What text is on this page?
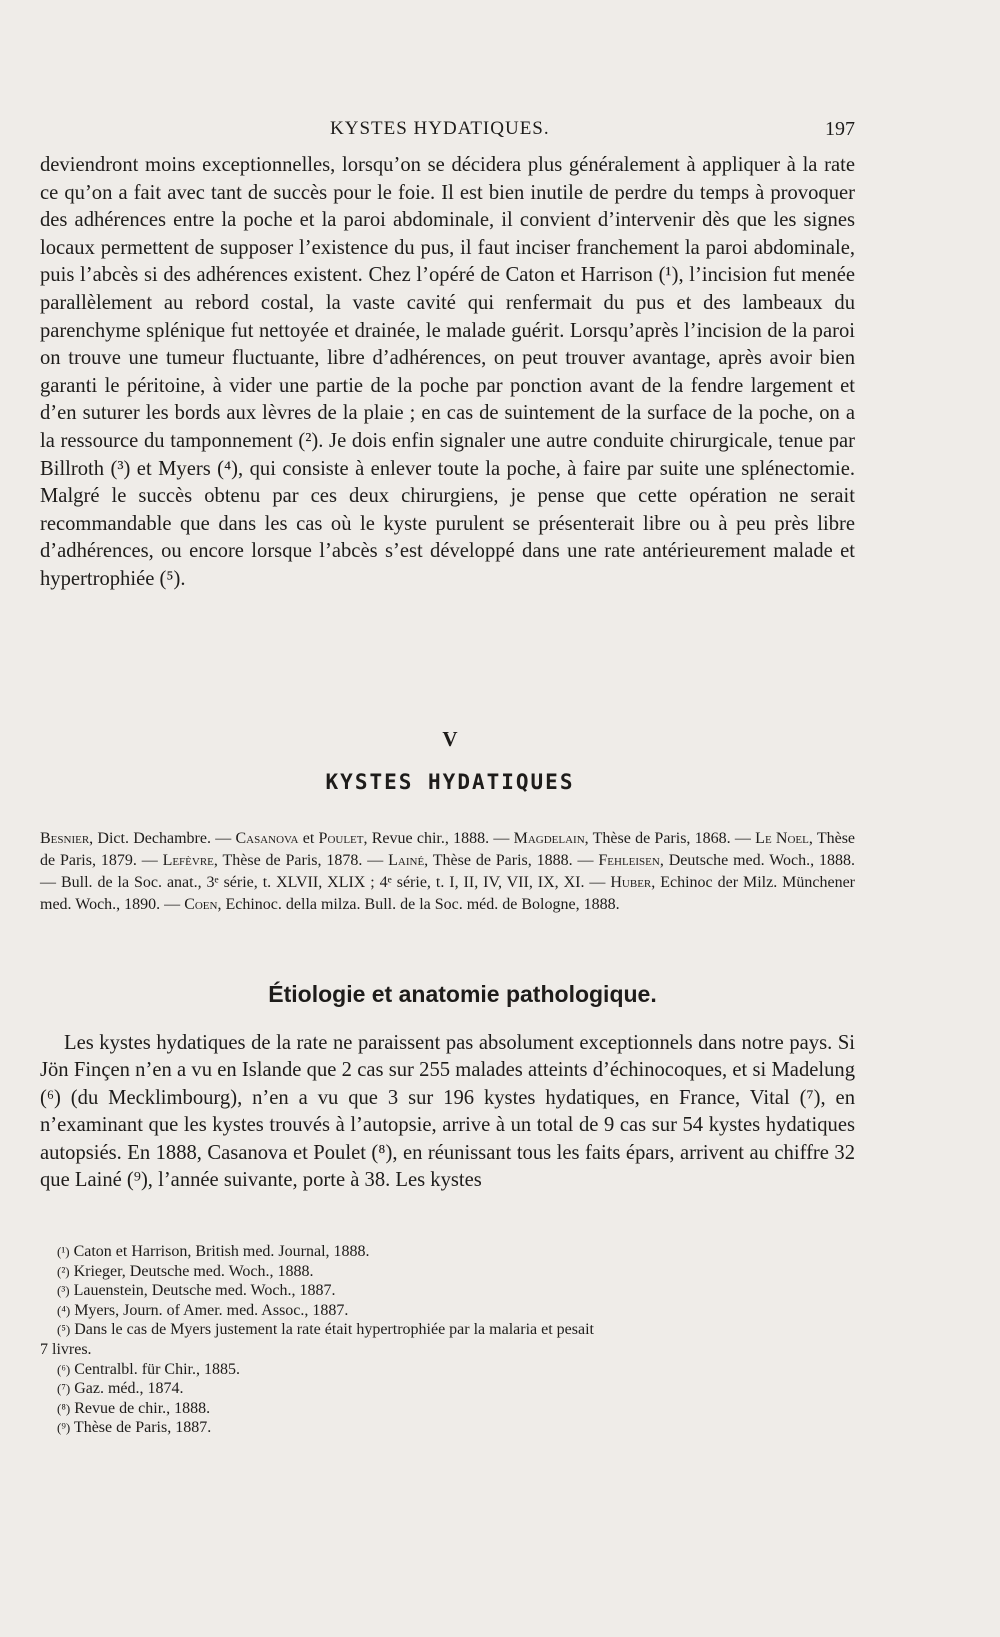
KYSTES HYDATIQUES.	197

deviendront moins exceptionnelles, lorsqu’on se décidera plus généralement à appliquer à la rate ce qu’on a fait avec tant de succès pour le foie. Il est bien inutile de perdre du temps à provoquer des adhérences entre la poche et la paroi abdominale, il convient d’intervenir dès que les signes locaux permettent de supposer l’existence du pus, il faut inciser franchement la paroi abdominale, puis l’abcès si des adhérences existent. Chez l’opéré de Caton et Harrison (¹), l’incision fut menée parallèlement au rebord costal, la vaste cavité qui renfermait du pus et des lambeaux du parenchyme splénique fut nettoyée et drainée, le malade guérit. Lorsqu’après l’incision de la paroi on trouve une tumeur fluctuante, libre d’adhérences, on peut trouver avantage, après avoir bien garanti le péritoine, à vider une partie de la poche par ponction avant de la fendre largement et d’en suturer les bords aux lèvres de la plaie ; en cas de suintement de la surface de la poche, on a la ressource du tamponnement (²). Je dois enfin signaler une autre conduite chirurgicale, tenue par Billroth (³) et Myers (⁴), qui consiste à enlever toute la poche, à faire par suite une splénectomie. Malgré le succès obtenu par ces deux chirurgiens, je pense que cette opération ne serait recommandable que dans les cas où le kyste purulent se présenterait libre ou à peu près libre d’adhérences, ou encore lorsque l’abcès s’est développé dans une rate antérieurement malade et hypertrophiée (⁵).

V
KYSTES HYDATIQUES
Besnier, Dict. Dechambre. — Casanova et Poulet, Revue chir., 1888. — Magdelain, Thèse de Paris, 1868. — Le Noel, Thèse de Paris, 1879. — Lefèvre, Thèse de Paris, 1878. — Lainé, Thèse de Paris, 1888. — Fehleisen, Deutsche med. Woch., 1888. — Bull. de la Soc. anat., 3ᵉ série, t. XLVII, XLIX ; 4ᵉ série, t. I, II, IV, VII, IX, XI. — Huber, Echinoc der Milz. Münchener med. Woch., 1890. — Coen, Echinoc. della milza. Bull. de la Soc. méd. de Bologne, 1888.
Étiologie et anatomie pathologique.

Les kystes hydatiques de la rate ne paraissent pas absolument exceptionnels dans notre pays. Si Jön Finçen n’en a vu en Islande que 2 cas sur 255 malades atteints d’échinocoques, et si Madelung (⁶) (du Mecklimbourg), n’en a vu que 3 sur 196 kystes hydatiques, en France, Vital (⁷), en n’examinant que les kystes trouvés à l’autopsie, arrive à un total de 9 cas sur 54 kystes hydatiques autopsiés. En 1888, Casanova et Poulet (⁸), en réunissant tous les faits épars, arrivent au chiffre 32 que Lainé (⁹), l’année suivante, porte à 38. Les kystes

(¹) Caton et Harrison, British med. Journal, 1888.
(²) Krieger, Deutsche med. Woch., 1888.
(³) Lauenstein, Deutsche med. Woch., 1887.
(⁴) Myers, Journ. of Amer. med. Assoc., 1887.
(⁵) Dans le cas de Myers justement la rate était hypertrophiée par la malaria et pesait
7 livres.
(⁶) Centralbl. für Chir., 1885.
(⁷) Gaz. méd., 1874.
(⁸) Revue de chir., 1888.
(⁹) Thèse de Paris, 1887.
